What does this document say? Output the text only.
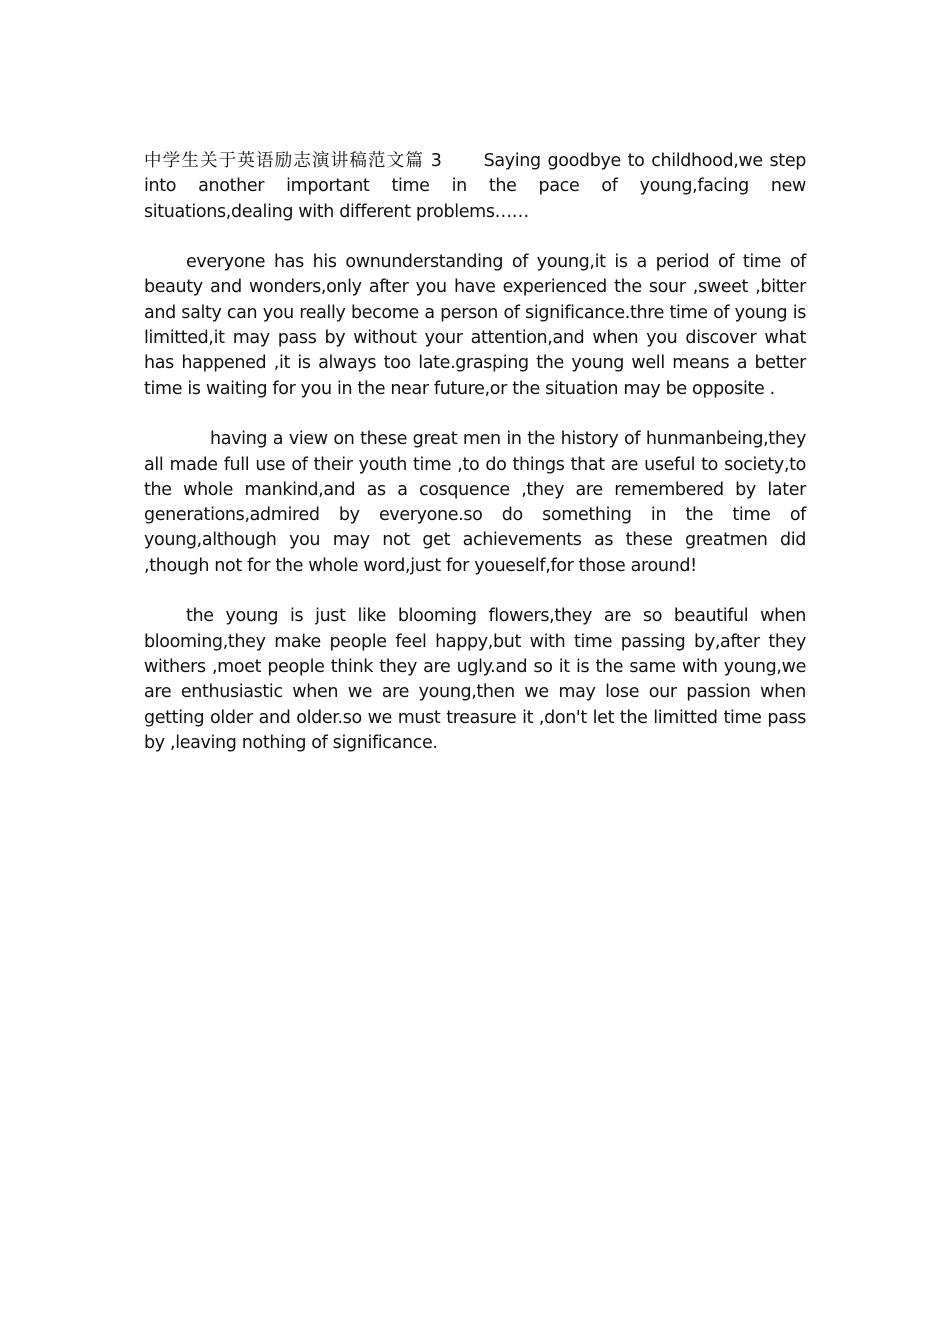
中学生关于英语励志演讲稿范文篇 3 Saying goodbye to childhood,we step into another important time in the pace of young,facing new situations,dealing with different problems……

everyone has his ownunderstanding of young,it is a period of time of beauty and wonders,only after you have experienced the sour ,sweet ,bitter and salty can you really become a person of significance.thre time of young is limitted,it may pass by without your attention,and when you discover what has happened ,it is always too late.grasping the young well means a better time is waiting for you in the near future,or the situation may be opposite .

having a view on these great men in the history of hunmanbeing,they all made full use of their youth time ,to do things that are useful to society,to the whole mankind,and as a cosquence ,they are remembered by later generations,admired by everyone.so do something in the time of young,although you may not get achievements as these greatmen did ,though not for the whole word,just for youeself,for those around!

the young is just like blooming flowers,they are so beautiful when blooming,they make people feel happy,but with time passing by,after they withers ,moet people think they are ugly.and so it is the same with young,we are enthusiastic when we are young,then we may lose our passion when getting older and older.so we must treasure it ,don't let the limitted time pass by ,leaving nothing of significance.
